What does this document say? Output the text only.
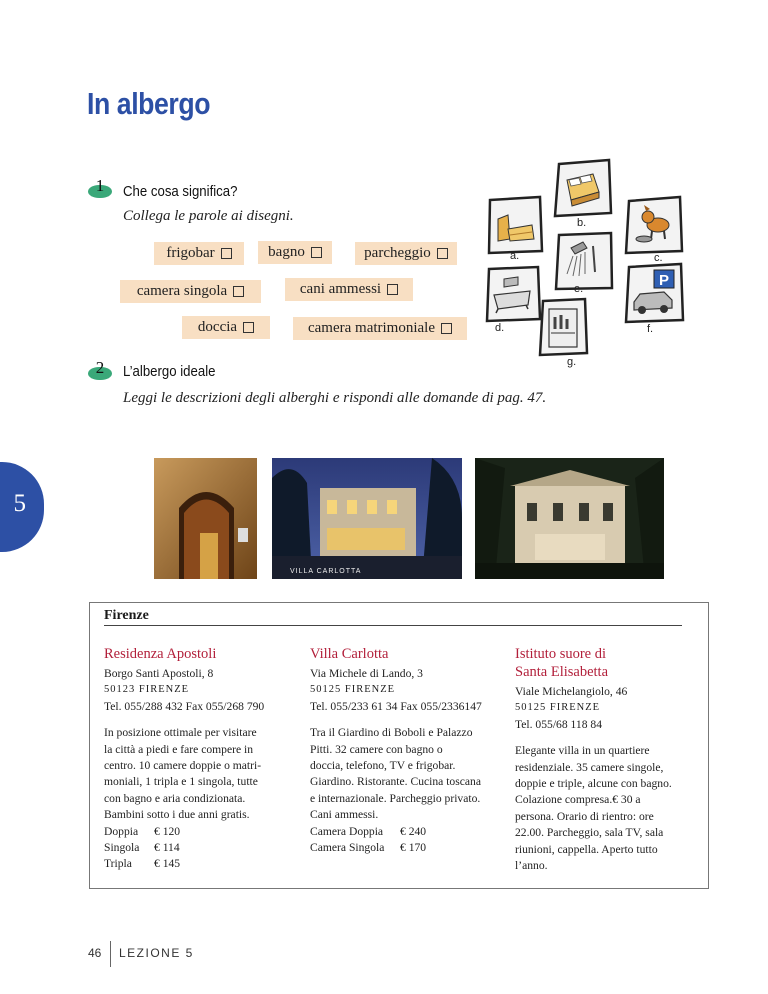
In albergo
1	Che cosa significa?
Collega le parole ai disegni.
frigobar	bagno	parcheggio
camera singola	cani ammessi
doccia	camera matrimoniale
a.
b.
c.
d.
e.	P
f.
g.
2	L’albergo ideale
Leggi le descrizioni degli alberghi e rispondi alle domande di pag. 47.
5
VILLA CARLOTTA
Firenze
Residenza Apostoli
Borgo Santi Apostoli, 8
50123 FIRENZE
Tel. 055/288 432 Fax 055/268 790
In posizione ottimale per visitare
la città a piedi e fare compere in
centro. 10 camere doppie o matri-
moniali, 1 tripla e 1 singola, tutte
con bagno e aria condizionata.
Bambini sotto i due anni gratis.
Doppia	€ 120
Singola	€ 114
Tripla	€ 145
Villa Carlotta
Via Michele di Lando, 3
50125 FIRENZE
Tel. 055/233 61 34 Fax 055/2336147
Tra il Giardino di Boboli e Palazzo
Pitti. 32 camere con bagno o
doccia, telefono, TV e frigobar.
Giardino. Ristorante. Cucina toscana
e internazionale. Parcheggio privato.
Cani ammessi.
Camera Doppia	€ 240
Camera Singola	€ 170
Istituto suore di
Santa Elisabetta
Viale Michelangiolo, 46
50125 FIRENZE
Tel. 055/68 118 84
Elegante villa in un quartiere
residenziale. 35 camere singole,
doppie e triple, alcune con bagno.
Colazione compresa.€ 30 a
persona. Orario di rientro: ore
22.00. Parcheggio, sala TV, sala
riunioni, cappella. Aperto tutto
l’anno.
46 LEZIONE 5
